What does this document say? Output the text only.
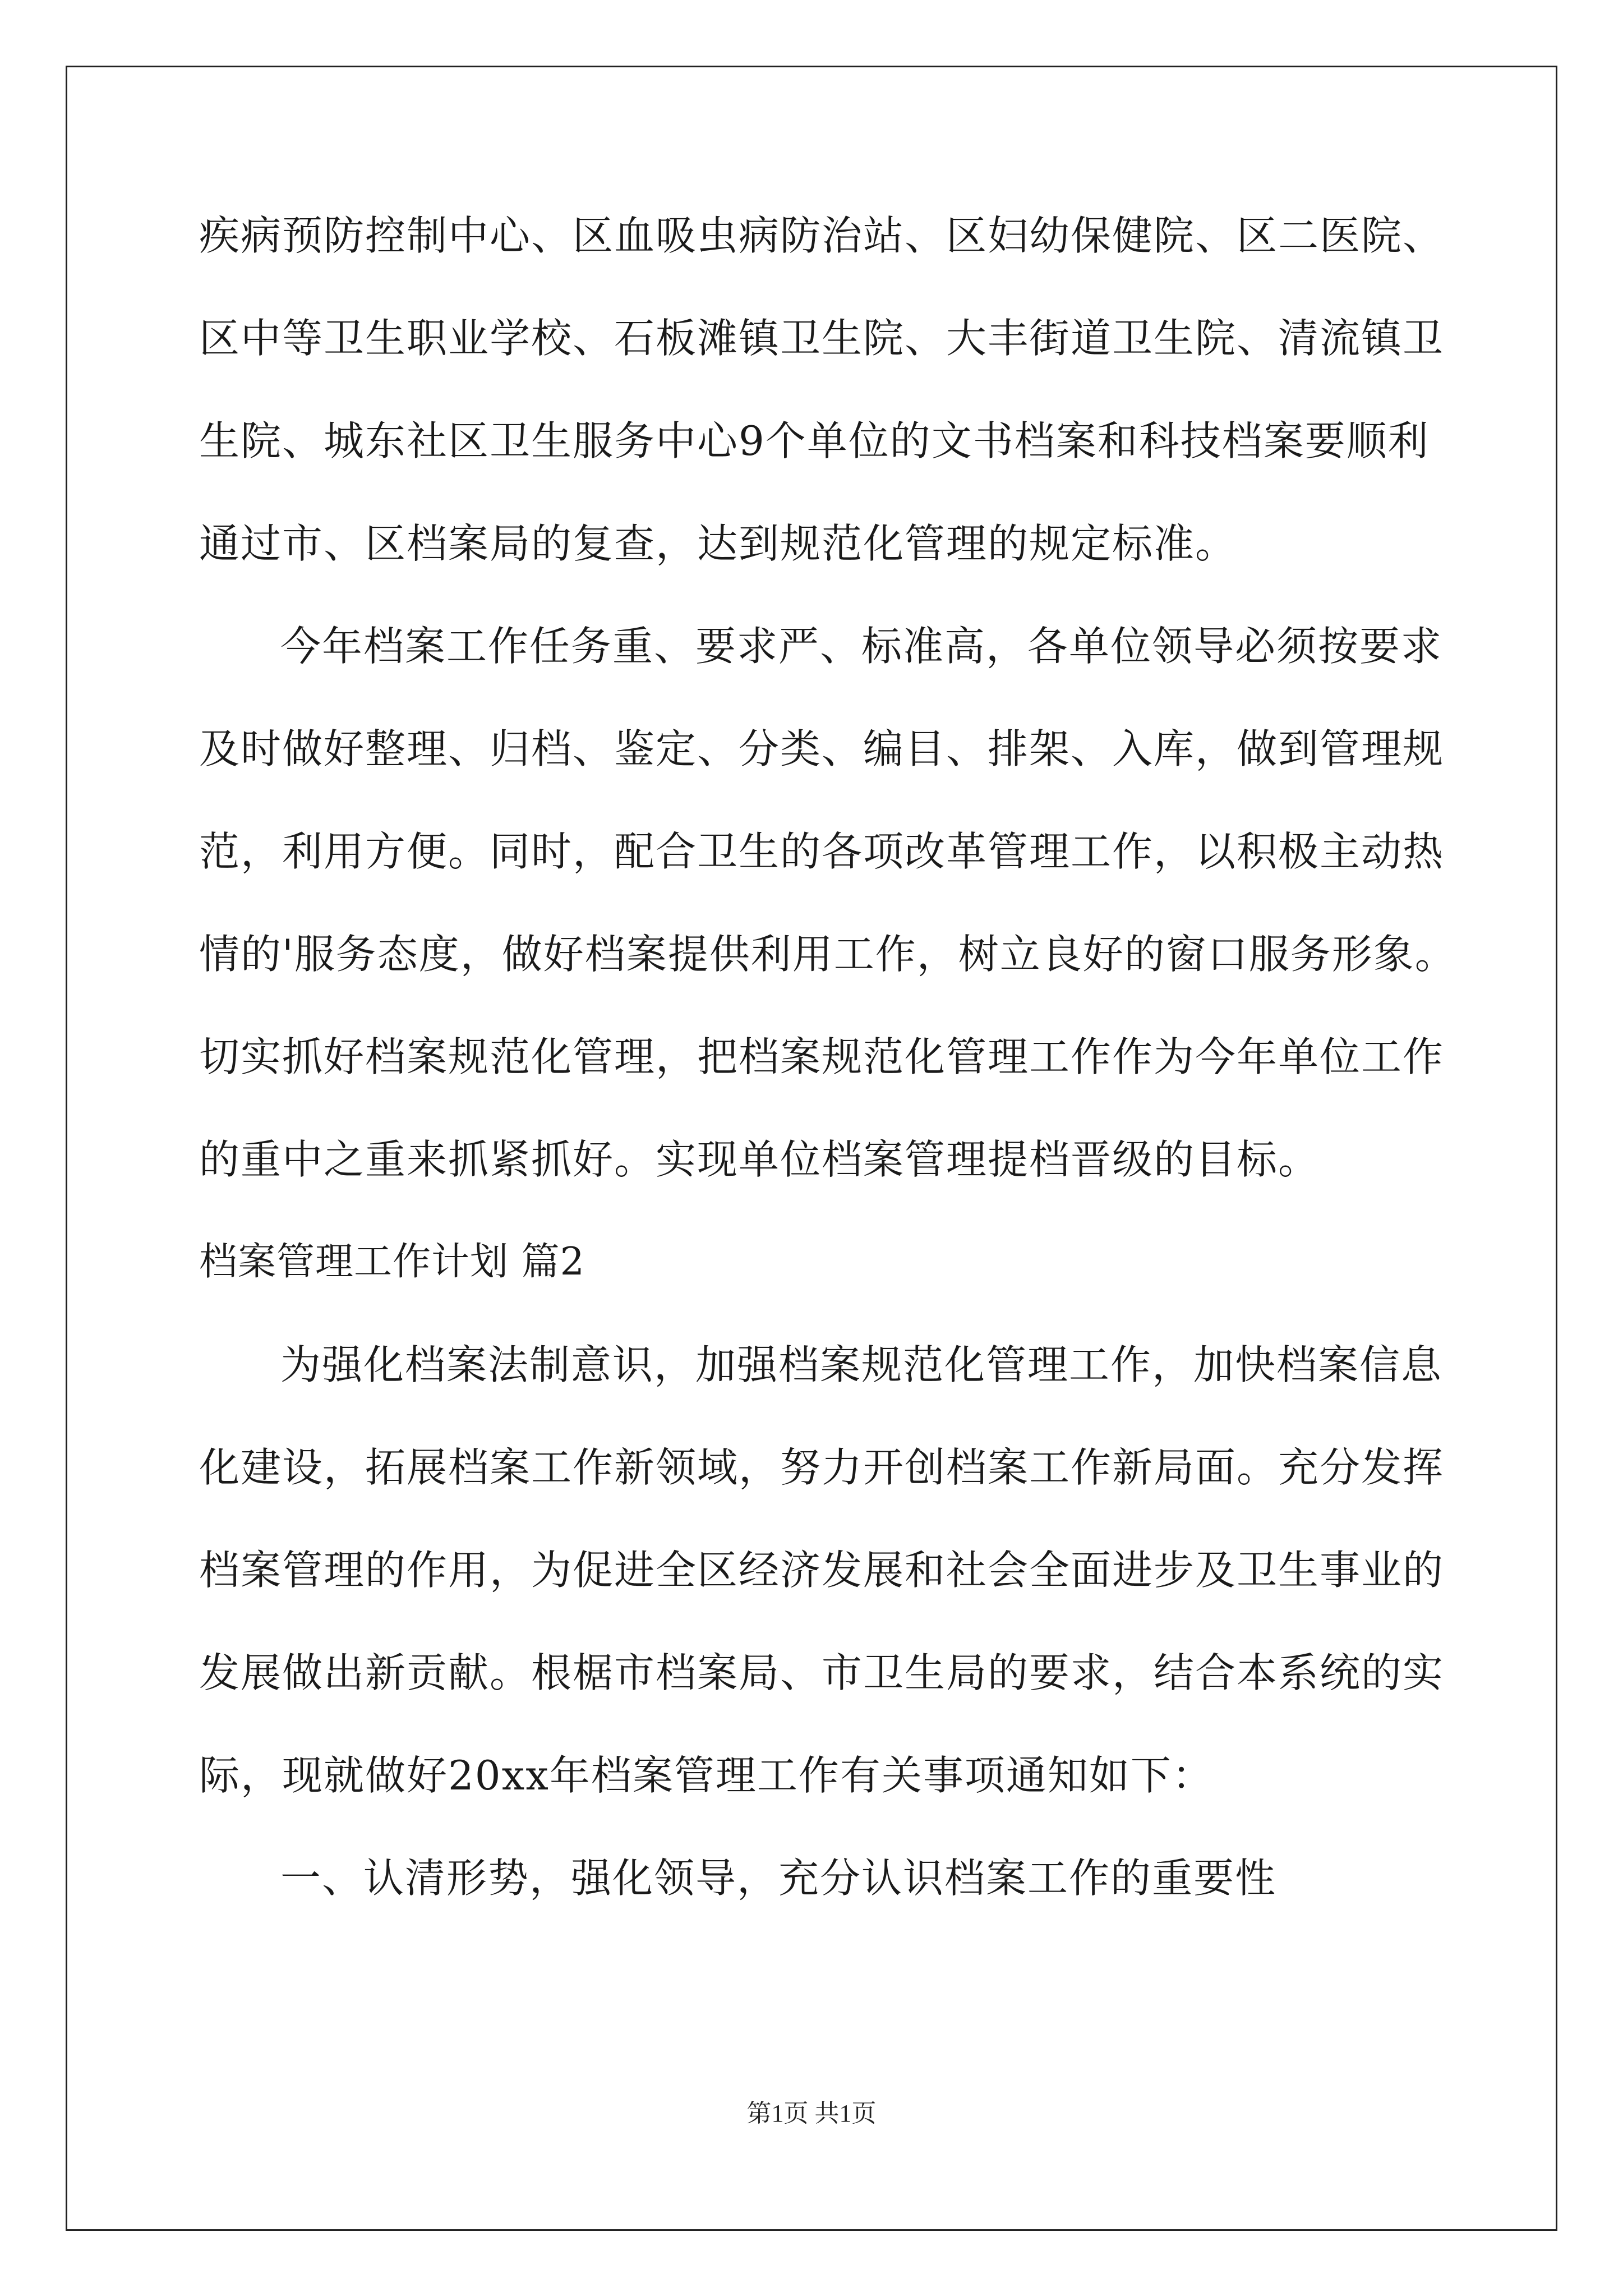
疾病预防控制中心、区血吸虫病防治站、区妇幼保健院、区二医院、
区中等卫生职业学校、石板滩镇卫生院、大丰街道卫生院、清流镇卫
生院、城东社区卫生服务中心9个单位的文书档案和科技档案要顺利
通过市、区档案局的复查，达到规范化管理的规定标准。
今年档案工作任务重、要求严、标准高，各单位领导必须按要求
及时做好整理、归档、鉴定、分类、编目、排架、入库，做到管理规
范，利用方便。同时，配合卫生的各项改革管理工作，以积极主动热
情的'服务态度，做好档案提供利用工作，树立良好的窗口服务形象。
切实抓好档案规范化管理，把档案规范化管理工作作为今年单位工作
的重中之重来抓紧抓好。实现单位档案管理提档晋级的目标。
档案管理工作计划 篇2
为强化档案法制意识，加强档案规范化管理工作，加快档案信息
化建设，拓展档案工作新领域，努力开创档案工作新局面。充分发挥
档案管理的作用，为促进全区经济发展和社会全面进步及卫生事业的
发展做出新贡献。根椐市档案局、市卫生局的要求，结合本系统的实
际，现就做好20xx年档案管理工作有关事项通知如下：
一、认清形势，强化领导，充分认识档案工作的重要性
第1页 共1页
